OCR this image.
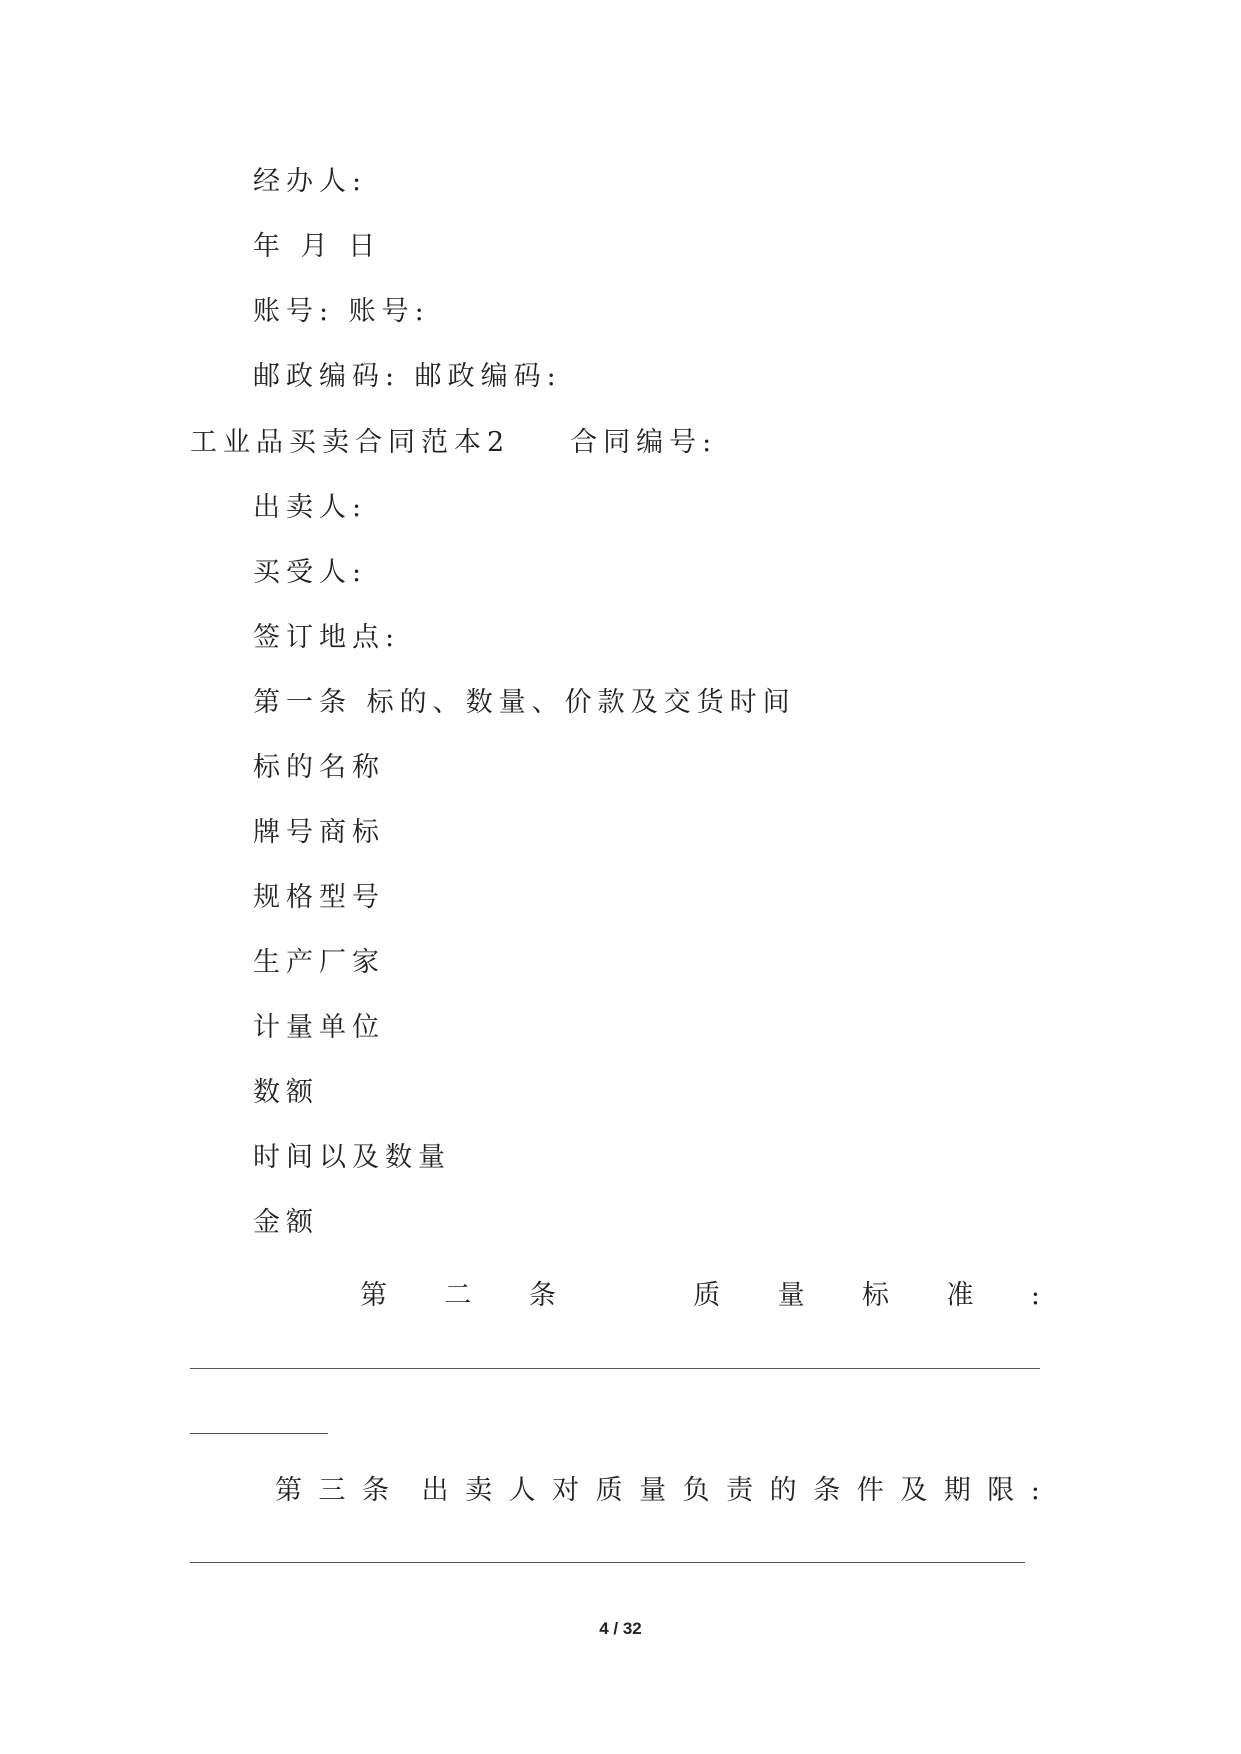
经办人:
年 月 日
账号: 账号:
邮政编码: 邮政编码:
工业品买卖合同范本2 合同编号:
出卖人:
买受人:
签订地点:
第一条 标的、数量、价款及交货时间
标的名称
牌号商标
规格型号
生产厂家
计量单位
数额
时间以及数量
金额
第 二 条	质 量 标 准 :
第 三 条 出 卖 人 对 质 量 负 责 的 条 件 及 期 限 :
4 / 32
